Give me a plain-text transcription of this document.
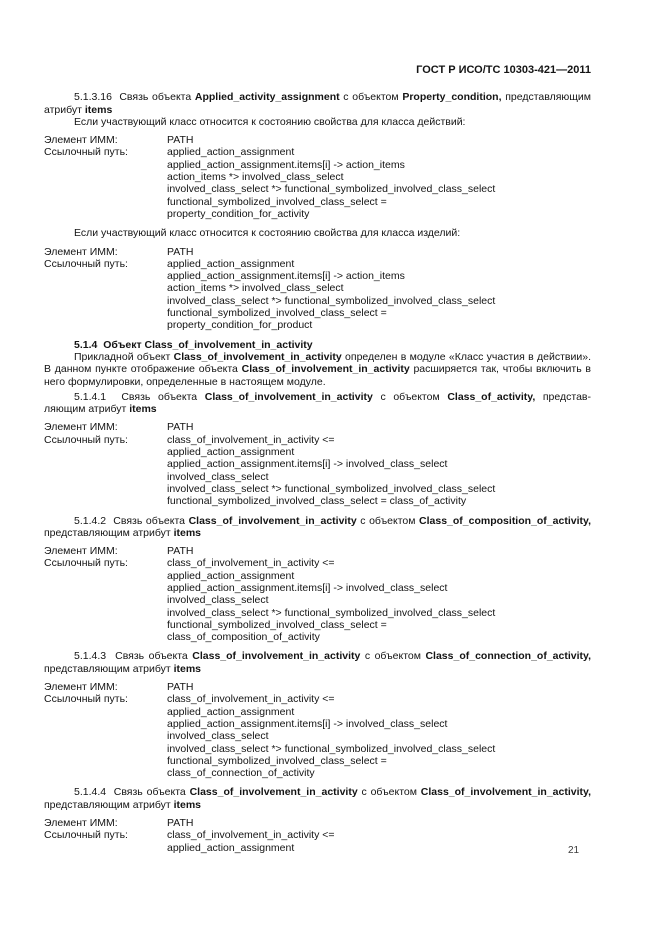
ГОСТ Р ИСО/ТС 10303-421—2011

5.1.3.16  Связь объекта Applied_activity_assignment с объектом Property_condition, представляющим атрибут items

Если участвующий класс относится к состоянию свойства для класса действий:

Элемент ИММ:	PATH
Ссылочный путь:	applied_action_assignment
applied_action_assignment.items[i] -> action_items
action_items *> involved_class_select
involved_class_select *> functional_symbolized_involved_class_select
functional_symbolized_involved_class_select =
property_condition_for_activity

Если участвующий класс относится к состоянию свойства для класса изделий:

Элемент ИММ:	PATH
Ссылочный путь:	applied_action_assignment
applied_action_assignment.items[i] -> action_items
action_items *> involved_class_select
involved_class_select *> functional_symbolized_involved_class_select
functional_symbolized_involved_class_select =
property_condition_for_product

5.1.4  Объект Class_of_involvement_in_activity

Прикладной объект Class_of_involvement_in_activity определен в модуле «Класс участия в действии». В данном пункте отображение объекта Class_of_involvement_in_activity расширяется так, чтобы включить в него формулировки, определенные в настоящем модуле.

5.1.4.1  Связь объекта Class_of_involvement_in_activity с объектом Class_of_activity, представляющим атрибут items

Элемент ИММ:	PATH
Ссылочный путь:	class_of_involvement_in_activity <=
applied_action_assignment
applied_action_assignment.items[i] -> involved_class_select
involved_class_select
involved_class_select *> functional_symbolized_involved_class_select
functional_symbolized_involved_class_select = class_of_activity

5.1.4.2  Связь объекта Class_of_involvement_in_activity с объектом Class_of_composition_of_activity, представляющим атрибут items

Элемент ИММ:	PATH
Ссылочный путь:	class_of_involvement_in_activity <=
applied_action_assignment
applied_action_assignment.items[i] -> involved_class_select
involved_class_select
involved_class_select *> functional_symbolized_involved_class_select
functional_symbolized_involved_class_select =
class_of_composition_of_activity

5.1.4.3  Связь объекта Class_of_involvement_in_activity с объектом Class_of_connection_of_activity, представляющим атрибут items

Элемент ИММ:	PATH
Ссылочный путь:	class_of_involvement_in_activity <=
applied_action_assignment
applied_action_assignment.items[i] -> involved_class_select
involved_class_select
involved_class_select *> functional_symbolized_involved_class_select
functional_symbolized_involved_class_select =
class_of_connection_of_activity

5.1.4.4  Связь объекта Class_of_involvement_in_activity с объектом Class_of_involvement_in_activity, представляющим атрибут items

Элемент ИММ:	PATH
Ссылочный путь:	class_of_involvement_in_activity <=
applied_action_assignment	21
